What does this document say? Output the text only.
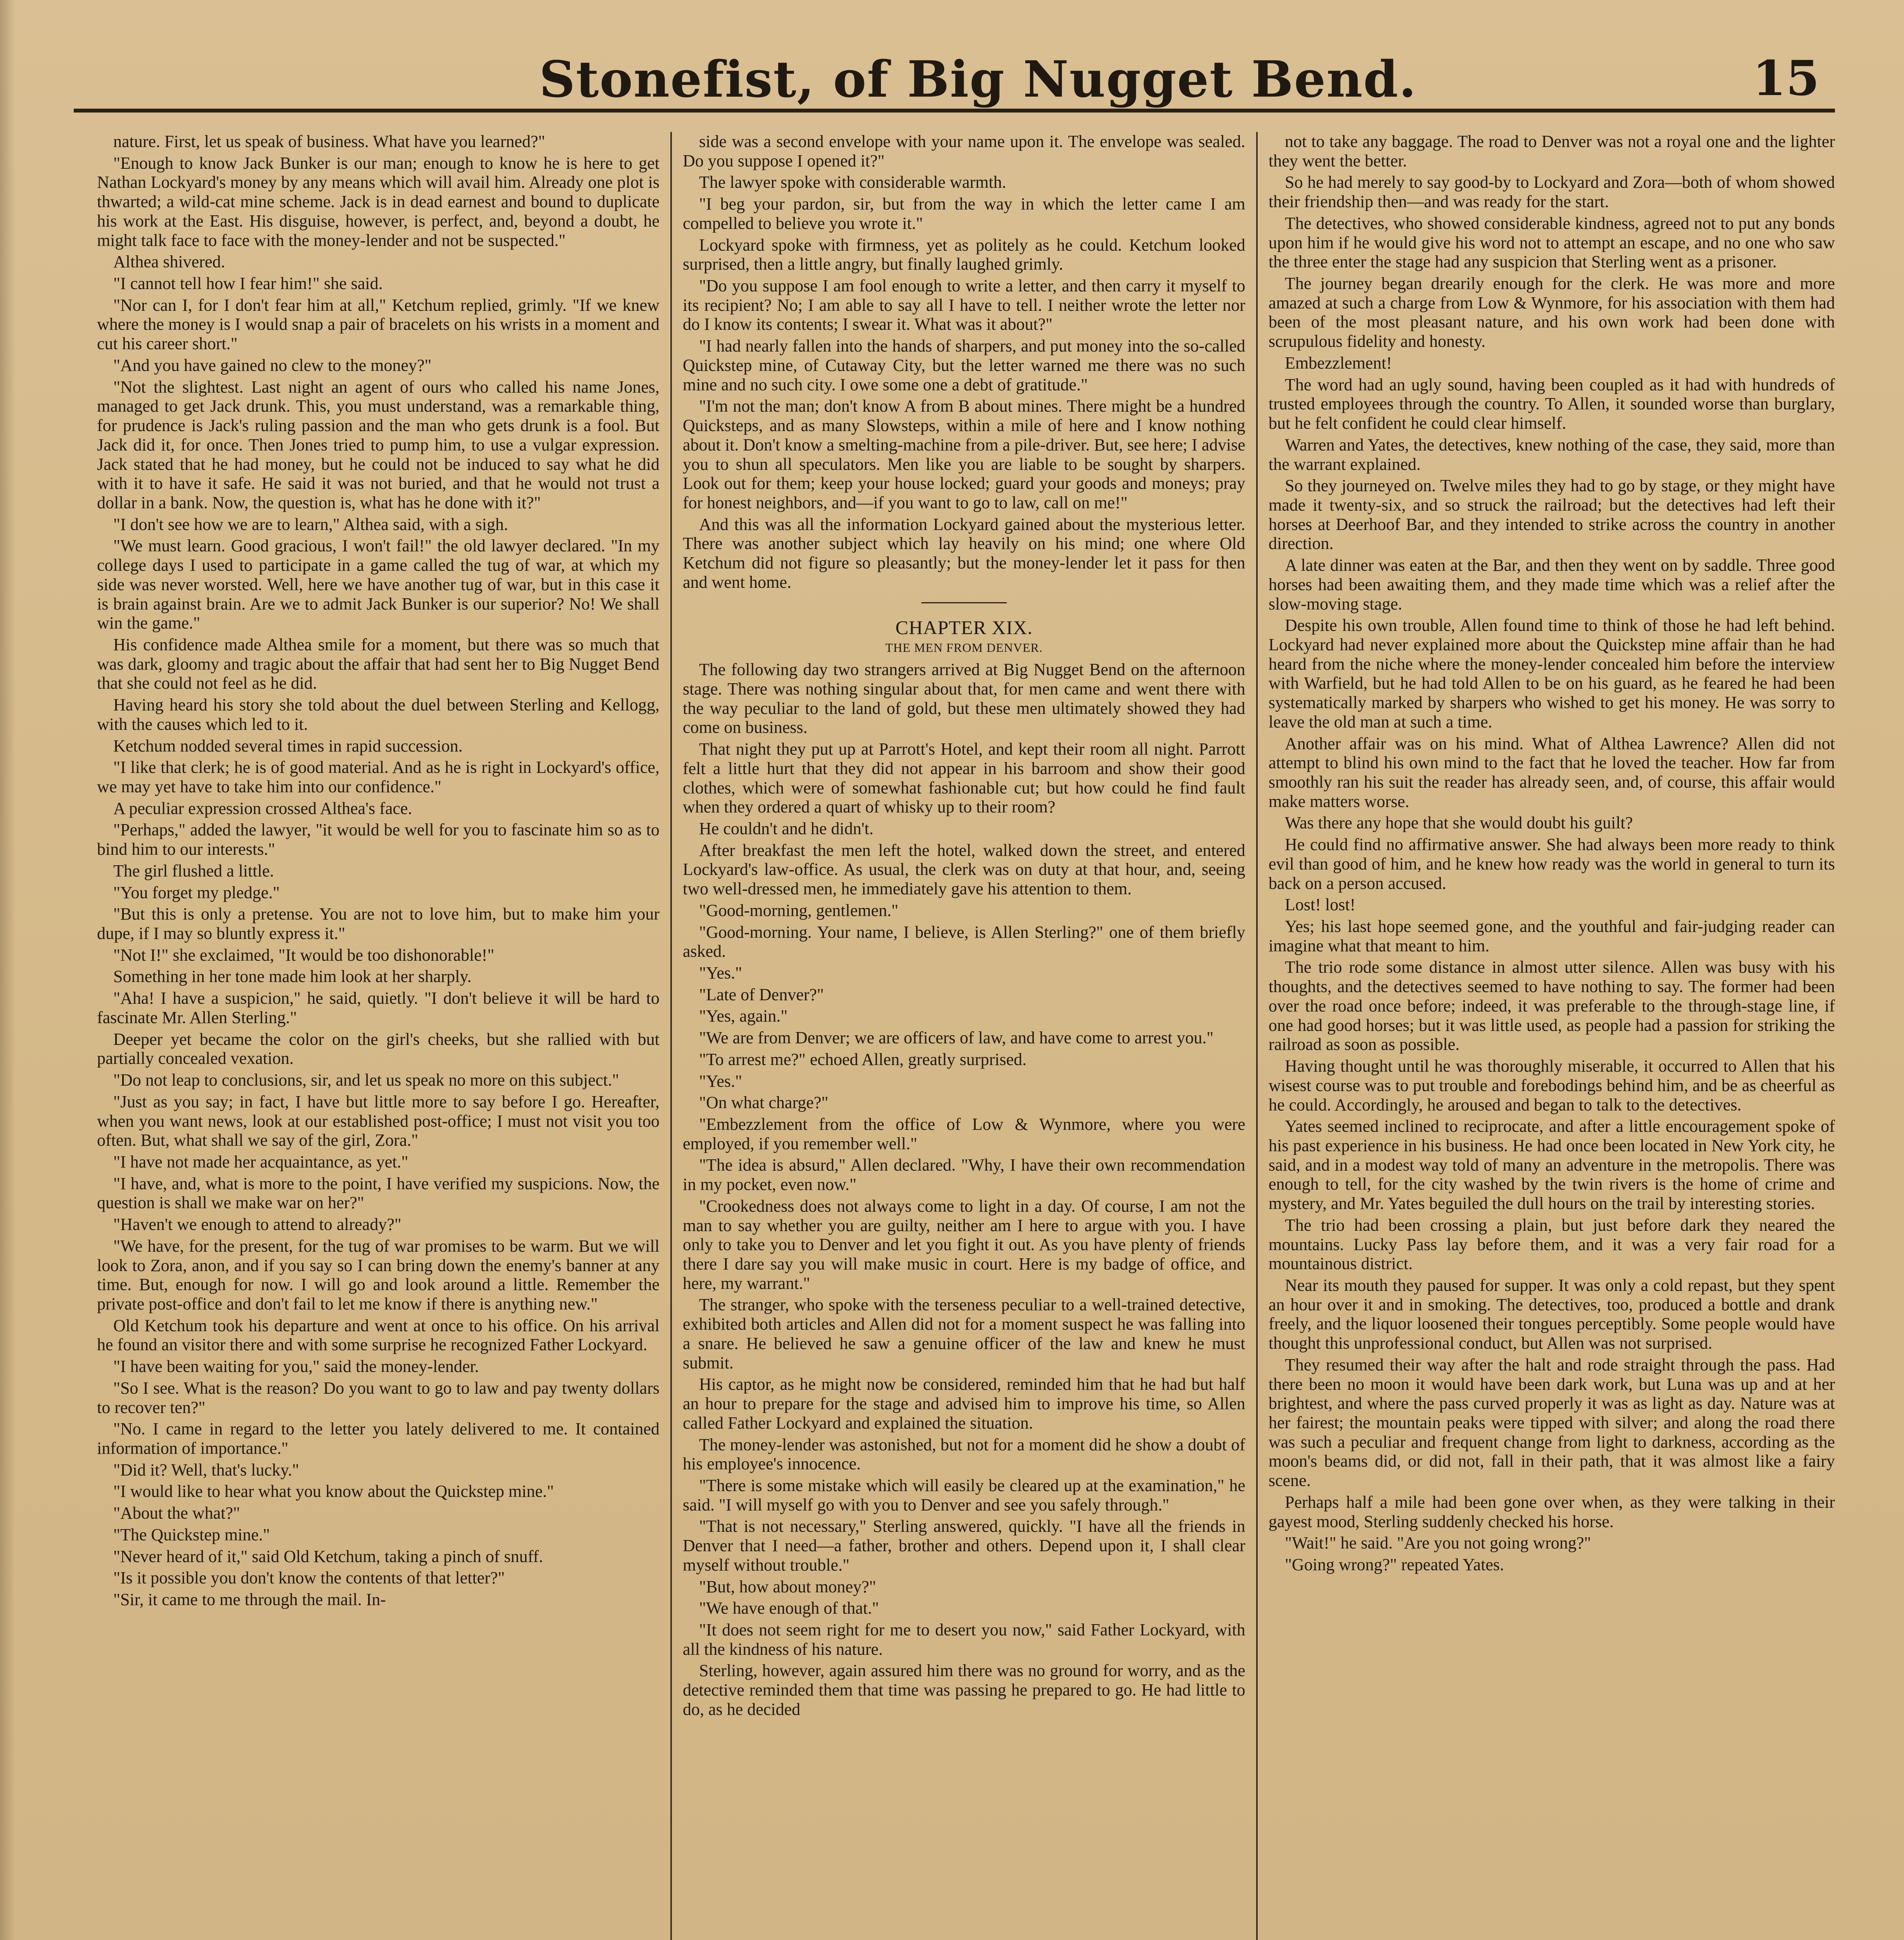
Stonefist, of Big Nugget Bend.	15

nature. First, let us speak of business. What have you learned?"

"Enough to know Jack Bunker is our man; enough to know he is here to get Nathan Lockyard's money by any means which will avail him. Already one plot is thwarted; a wild-cat mine scheme. Jack is in dead earnest and bound to duplicate his work at the East. His disguise, however, is perfect, and, beyond a doubt, he might talk face to face with the money-lender and not be suspected."

Althea shivered.

"I cannot tell how I fear him!" she said.

"Nor can I, for I don't fear him at all," Ketchum replied, grimly. "If we knew where the money is I would snap a pair of bracelets on his wrists in a moment and cut his career short."

"And you have gained no clew to the money?"

"Not the slightest. Last night an agent of ours who called his name Jones, managed to get Jack drunk. This, you must understand, was a remarkable thing, for prudence is Jack's ruling passion and the man who gets drunk is a fool. But Jack did it, for once. Then Jones tried to pump him, to use a vulgar expression. Jack stated that he had money, but he could not be induced to say what he did with it to have it safe. He said it was not buried, and that he would not trust a dollar in a bank. Now, the question is, what has he done with it?"

"I don't see how we are to learn," Althea said, with a sigh.

"We must learn. Good gracious, I won't fail!" the old lawyer declared. "In my college days I used to participate in a game called the tug of war, at which my side was never worsted. Well, here we have another tug of war, but in this case it is brain against brain. Are we to admit Jack Bunker is our superior? No! We shall win the game."

His confidence made Althea smile for a moment, but there was so much that was dark, gloomy and tragic about the affair that had sent her to Big Nugget Bend that she could not feel as he did.

Having heard his story she told about the duel between Sterling and Kellogg, with the causes which led to it.

Ketchum nodded several times in rapid succession.

"I like that clerk; he is of good material. And as he is right in Lockyard's office, we may yet have to take him into our confidence."

A peculiar expression crossed Althea's face.

"Perhaps," added the lawyer, "it would be well for you to fascinate him so as to bind him to our interests."

The girl flushed a little.

"You forget my pledge."

"But this is only a pretense. You are not to love him, but to make him your dupe, if I may so bluntly express it."

"Not I!" she exclaimed, "It would be too dishonorable!"

Something in her tone made him look at her sharply.

"Aha! I have a suspicion," he said, quietly. "I don't believe it will be hard to fascinate Mr. Allen Sterling."

Deeper yet became the color on the girl's cheeks, but she rallied with but partially concealed vexation.

"Do not leap to conclusions, sir, and let us speak no more on this subject."

"Just as you say; in fact, I have but little more to say before I go. Hereafter, when you want news, look at our established post-office; I must not visit you too often. But, what shall we say of the girl, Zora."

"I have not made her acquaintance, as yet."

"I have, and, what is more to the point, I have verified my suspicions. Now, the question is shall we make war on her?"

"Haven't we enough to attend to already?"

"We have, for the present, for the tug of war promises to be warm. But we will look to Zora, anon, and if you say so I can bring down the enemy's banner at any time. But, enough for now. I will go and look around a little. Remember the private post-office and don't fail to let me know if there is anything new."

Old Ketchum took his departure and went at once to his office. On his arrival he found an visitor there and with some surprise he recognized Father Lockyard.

"I have been waiting for you," said the money-lender.

"So I see. What is the reason? Do you want to go to law and pay twenty dollars to recover ten?"

"No. I came in regard to the letter you lately delivered to me. It contained information of importance."

"Did it? Well, that's lucky."

"I would like to hear what you know about the Quickstep mine."

"About the what?"

"The Quickstep mine."

"Never heard of it," said Old Ketchum, taking a pinch of snuff.

"Is it possible you don't know the contents of that letter?"

"Sir, it came to me through the mail. In-

side was a second envelope with your name upon it. The envelope was sealed. Do you suppose I opened it?"

The lawyer spoke with considerable warmth.

"I beg your pardon, sir, but from the way in which the letter came I am compelled to believe you wrote it."

Lockyard spoke with firmness, yet as politely as he could. Ketchum looked surprised, then a little angry, but finally laughed grimly.

"Do you suppose I am fool enough to write a letter, and then carry it myself to its recipient? No; I am able to say all I have to tell. I neither wrote the letter nor do I know its contents; I swear it. What was it about?"

"I had nearly fallen into the hands of sharpers, and put money into the so-called Quickstep mine, of Cutaway City, but the letter warned me there was no such mine and no such city. I owe some one a debt of gratitude."

"I'm not the man; don't know A from B about mines. There might be a hundred Quicksteps, and as many Slowsteps, within a mile of here and I know nothing about it. Don't know a smelting-machine from a pile-driver. But, see here; I advise you to shun all speculators. Men like you are liable to be sought by sharpers. Look out for them; keep your house locked; guard your goods and moneys; pray for honest neighbors, and—if you want to go to law, call on me!"

And this was all the information Lockyard gained about the mysterious letter. There was another subject which lay heavily on his mind; one where Old Ketchum did not figure so pleasantly; but the money-lender let it pass for then and went home.

CHAPTER XIX.
THE MEN FROM DENVER.

The following day two strangers arrived at Big Nugget Bend on the afternoon stage. There was nothing singular about that, for men came and went there with the way peculiar to the land of gold, but these men ultimately showed they had come on business.

That night they put up at Parrott's Hotel, and kept their room all night. Parrott felt a little hurt that they did not appear in his barroom and show their good clothes, which were of somewhat fashionable cut; but how could he find fault when they ordered a quart of whisky up to their room?

He couldn't and he didn't.

After breakfast the men left the hotel, walked down the street, and entered Lockyard's law-office. As usual, the clerk was on duty at that hour, and, seeing two well-dressed men, he immediately gave his attention to them.

"Good-morning, gentlemen."

"Good-morning. Your name, I believe, is Allen Sterling?" one of them briefly asked.

"Yes."

"Late of Denver?"

"Yes, again."

"We are from Denver; we are officers of law, and have come to arrest you."

"To arrest me?" echoed Allen, greatly surprised.

"Yes."

"On what charge?"

"Embezzlement from the office of Low & Wynmore, where you were employed, if you remember well."

"The idea is absurd," Allen declared. "Why, I have their own recommendation in my pocket, even now."

"Crookedness does not always come to light in a day. Of course, I am not the man to say whether you are guilty, neither am I here to argue with you. I have only to take you to Denver and let you fight it out. As you have plenty of friends there I dare say you will make music in court. Here is my badge of office, and here, my warrant."

The stranger, who spoke with the terseness peculiar to a well-trained detective, exhibited both articles and Allen did not for a moment suspect he was falling into a snare. He believed he saw a genuine officer of the law and knew he must submit.

His captor, as he might now be considered, reminded him that he had but half an hour to prepare for the stage and advised him to improve his time, so Allen called Father Lockyard and explained the situation.

The money-lender was astonished, but not for a moment did he show a doubt of his employee's innocence.

"There is some mistake which will easily be cleared up at the examination," he said. "I will myself go with you to Denver and see you safely through."

"That is not necessary," Sterling answered, quickly. "I have all the friends in Denver that I need—a father, brother and others. Depend upon it, I shall clear myself without trouble."

"But, how about money?"

"We have enough of that."

"It does not seem right for me to desert you now," said Father Lockyard, with all the kindness of his nature.

Sterling, however, again assured him there was no ground for worry, and as the detective reminded them that time was passing he prepared to go. He had little to do, as he decided

not to take any baggage. The road to Denver was not a royal one and the lighter they went the better.

So he had merely to say good-by to Lockyard and Zora—both of whom showed their friendship then—and was ready for the start.

The detectives, who showed considerable kindness, agreed not to put any bonds upon him if he would give his word not to attempt an escape, and no one who saw the three enter the stage had any suspicion that Sterling went as a prisoner.

The journey began drearily enough for the clerk. He was more and more amazed at such a charge from Low & Wynmore, for his association with them had been of the most pleasant nature, and his own work had been done with scrupulous fidelity and honesty.

Embezzlement!

The word had an ugly sound, having been coupled as it had with hundreds of trusted employees through the country. To Allen, it sounded worse than burglary, but he felt confident he could clear himself.

Warren and Yates, the detectives, knew nothing of the case, they said, more than the warrant explained.

So they journeyed on. Twelve miles they had to go by stage, or they might have made it twenty-six, and so struck the railroad; but the detectives had left their horses at Deerhoof Bar, and they intended to strike across the country in another direction.

A late dinner was eaten at the Bar, and then they went on by saddle. Three good horses had been awaiting them, and they made time which was a relief after the slow-moving stage.

Despite his own trouble, Allen found time to think of those he had left behind. Lockyard had never explained more about the Quickstep mine affair than he had heard from the niche where the money-lender concealed him before the interview with Warfield, but he had told Allen to be on his guard, as he feared he had been systematically marked by sharpers who wished to get his money. He was sorry to leave the old man at such a time.

Another affair was on his mind. What of Althea Lawrence? Allen did not attempt to blind his own mind to the fact that he loved the teacher. How far from smoothly ran his suit the reader has already seen, and, of course, this affair would make matters worse.

Was there any hope that she would doubt his guilt?

He could find no affirmative answer. She had always been more ready to think evil than good of him, and he knew how ready was the world in general to turn its back on a person accused.

Lost! lost!

Yes; his last hope seemed gone, and the youthful and fair-judging reader can imagine what that meant to him.

The trio rode some distance in almost utter silence. Allen was busy with his thoughts, and the detectives seemed to have nothing to say. The former had been over the road once before; indeed, it was preferable to the through-stage line, if one had good horses; but it was little used, as people had a passion for striking the railroad as soon as possible.

Having thought until he was thoroughly miserable, it occurred to Allen that his wisest course was to put trouble and forebodings behind him, and be as cheerful as he could. Accordingly, he aroused and began to talk to the detectives.

Yates seemed inclined to reciprocate, and after a little encouragement spoke of his past experience in his business. He had once been located in New York city, he said, and in a modest way told of many an adventure in the metropolis. There was enough to tell, for the city washed by the twin rivers is the home of crime and mystery, and Mr. Yates beguiled the dull hours on the trail by interesting stories.

The trio had been crossing a plain, but just before dark they neared the mountains. Lucky Pass lay before them, and it was a very fair road for a mountainous district.

Near its mouth they paused for supper. It was only a cold repast, but they spent an hour over it and in smoking. The detectives, too, produced a bottle and drank freely, and the liquor loosened their tongues perceptibly. Some people would have thought this unprofessional conduct, but Allen was not surprised.

They resumed their way after the halt and rode straight through the pass. Had there been no moon it would have been dark work, but Luna was up and at her brightest, and where the pass curved properly it was as light as day. Nature was at her fairest; the mountain peaks were tipped with silver; and along the road there was such a peculiar and frequent change from light to darkness, according as the moon's beams did, or did not, fall in their path, that it was almost like a fairy scene.

Perhaps half a mile had been gone over when, as they were talking in their gayest mood, Sterling suddenly checked his horse.

"Wait!" he said. "Are you not going wrong?"

"Going wrong?" repeated Yates.
